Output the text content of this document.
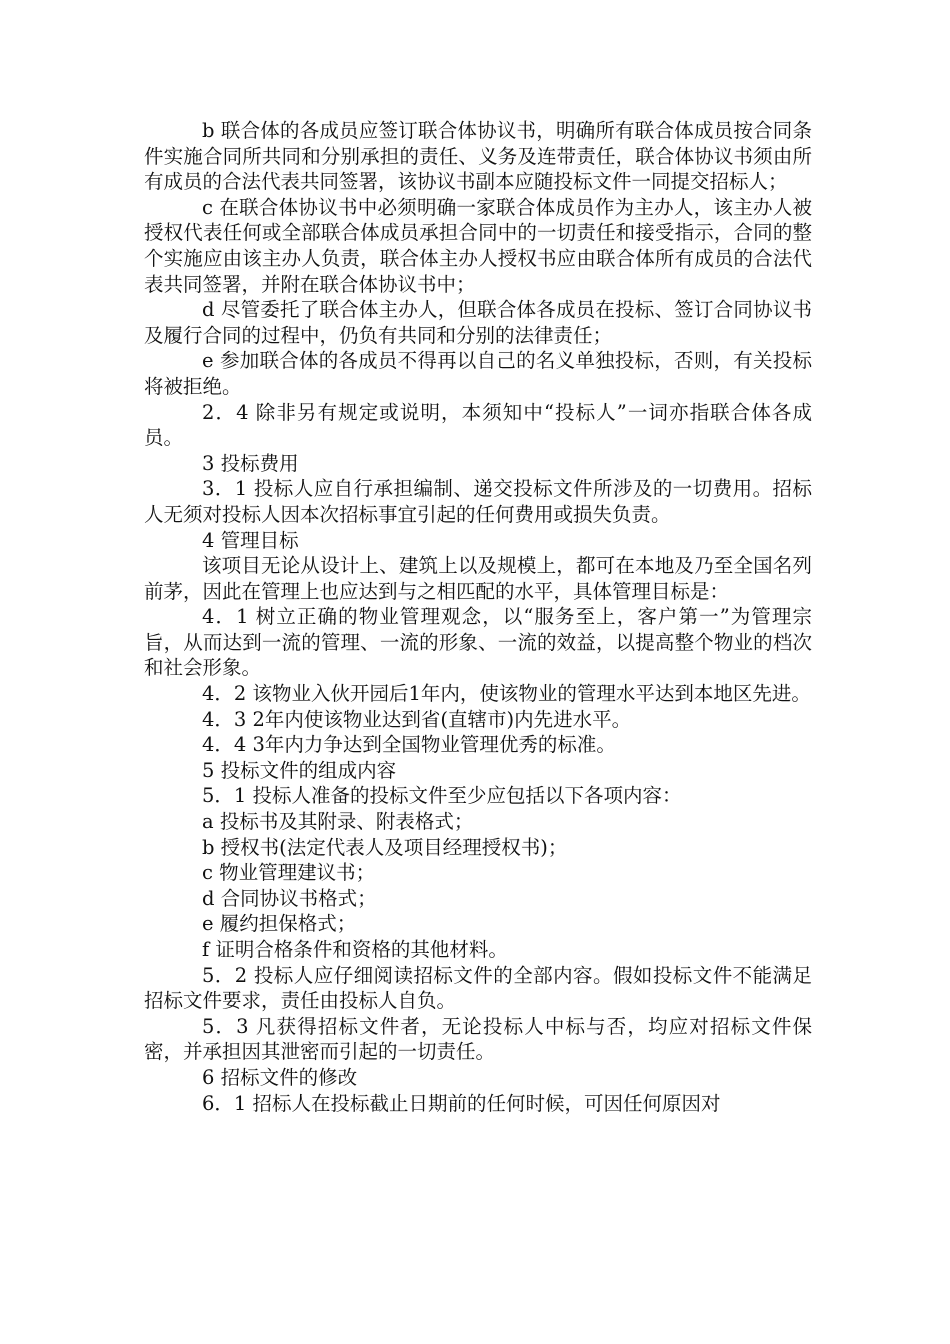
b 联合体的各成员应签订联合体协议书，明确所有联合体成员按合同条件实施合同所共同和分别承担的责任、义务及连带责任，联合体协议书须由所有成员的合法代表共同签署，该协议书副本应随投标文件一同提交招标人；

c 在联合体协议书中必须明确一家联合体成员作为主办人，该主办人被授权代表任何或全部联合体成员承担合同中的一切责任和接受指示，合同的整个实施应由该主办人负责，联合体主办人授权书应由联合体所有成员的合法代表共同签署，并附在联合体协议书中；

d 尽管委托了联合体主办人，但联合体各成员在投标、签订合同协议书及履行合同的过程中，仍负有共同和分别的法律责任；

e 参加联合体的各成员不得再以自己的名义单独投标，否则，有关投标将被拒绝。

2．4 除非另有规定或说明，本须知中“投标人”一词亦指联合体各成员。

3 投标费用

3．1 投标人应自行承担编制、递交投标文件所涉及的一切费用。招标人无须对投标人因本次招标事宜引起的任何费用或损失负责。

4 管理目标

该项目无论从设计上、建筑上以及规模上，都可在本地及乃至全国名列前茅，因此在管理上也应达到与之相匹配的水平，具体管理目标是：

4．1 树立正确的物业管理观念，以“服务至上，客户第一”为管理宗旨，从而达到一流的管理、一流的形象、一流的效益，以提高整个物业的档次和社会形象。

4．2 该物业入伙开园后1年内，使该物业的管理水平达到本地区先进。

4．3 2年内使该物业达到省(直辖市)内先进水平。

4．4 3年内力争达到全国物业管理优秀的标准。

5 投标文件的组成内容

5．1 投标人准备的投标文件至少应包括以下各项内容：

a 投标书及其附录、附表格式；

b 授权书(法定代表人及项目经理授权书)；

c 物业管理建议书；

d 合同协议书格式；

e 履约担保格式；

f 证明合格条件和资格的其他材料。

5．2 投标人应仔细阅读招标文件的全部内容。假如投标文件不能满足招标文件要求，责任由投标人自负。

5．3 凡获得招标文件者，无论投标人中标与否，均应对招标文件保密，并承担因其泄密而引起的一切责任。

6 招标文件的修改

6．1 招标人在投标截止日期前的任何时候，可因任何原因对
